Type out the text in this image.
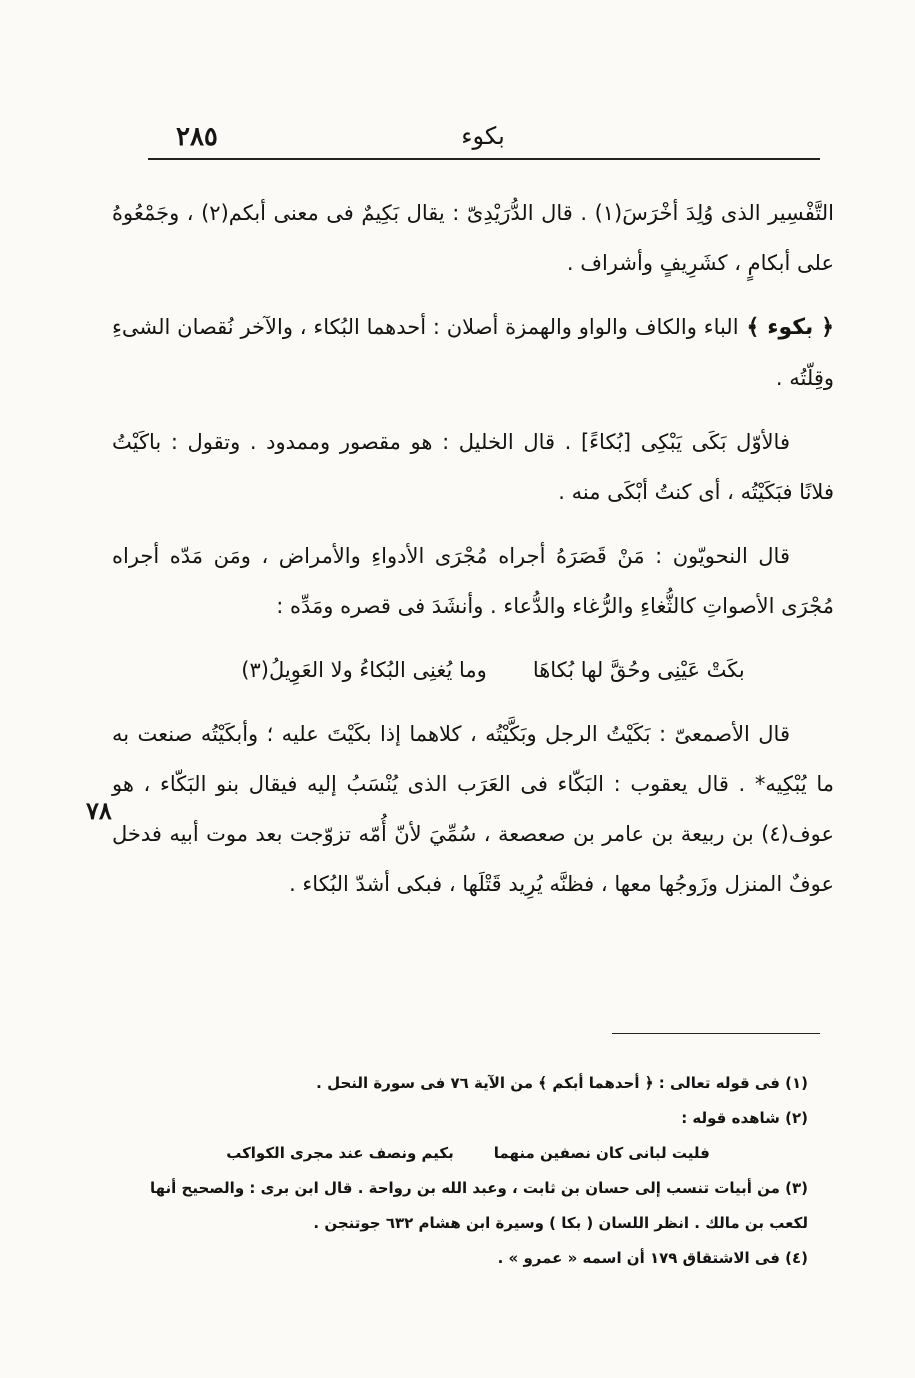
٢٨٥	بكوء

التَّفْسِير الذى وُلِدَ أخْرَسَ(١) . قال الدُّرَيْدِىّ : يقال بَكِيمٌ فى معنى أبكم(٢) ، وجَمْعُوهُ على أبكامٍ ، كشَرِيفٍ وأشراف .

﴿ بكوء ﴾الباء والكاف والواو والهمزة أصلان : أحدهما البُكاء ، والآخر نُقصان الشىءِ وقِلّتُه .

فالأوّل بَكَى يَبْكِى [بُكاءً] . قال الخليل : هو مقصور وممدود . وتقول : باكَيْتُ فلانًا فبَكَيْتُه ، أى كنتُ أبْكَى منه .

قال النحويّون : مَنْ قَصَرَهُ أجراه مُجْرَى الأدواءِ والأمراض ، ومَن مَدّه أجراه مُجْرَى الأصواتِ كالثُّغاءِ والرُّغاء والدُّعاء . وأنشَدَ فى قصره ومَدِّه :

بكَتْ عَيْنِى وحُقَّ لها بُكاهَا
وما يُغنِى البُكاءُ ولا العَوِيلُ(٣)

قال الأصمعىّ : بَكَيْتُ الرجل وبَكَّيْتُه ، كلاهما إذا بكَيْتَ عليه ؛ وأبكَيْتُه صنعت به ما يُبْكِيه* . قال يعقوب : البَكّاء فى العَرَب الذى يُنْسَبُ إليه فيقال بنو البَكّاء ، هو عوف(٤) بن ربيعة بن عامر بن صعصعة ، سُمِّيَ لأنّ أُمّه تزوّجت بعد موت أبيه فدخل عوفٌ المنزل وزَوجُها معها ، فظنَّه يُرِيد قَتْلَها ، فبكى أشدّ البُكاء .

٧٨

(١) فى قوله تعالى : ﴿ أحدهما أبكم ﴾ من الآية ٧٦ فى سورة النحل .

(٢) شاهده قوله :

فليت لبانى كان نصفين منهما
بكيم ونصف عند مجرى الكواكب

(٣) من أبيات تنسب إلى حسان بن ثابت ، وعبد الله بن رواحة . قال ابن برى : والصحيح أنها لكعب بن مالك . انظر اللسان ( بكا ) وسيرة ابن هشام ٦٣٢ جوتنجن .

(٤) فى الاشتقاق ١٧٩ أن اسمه « عمرو » .
